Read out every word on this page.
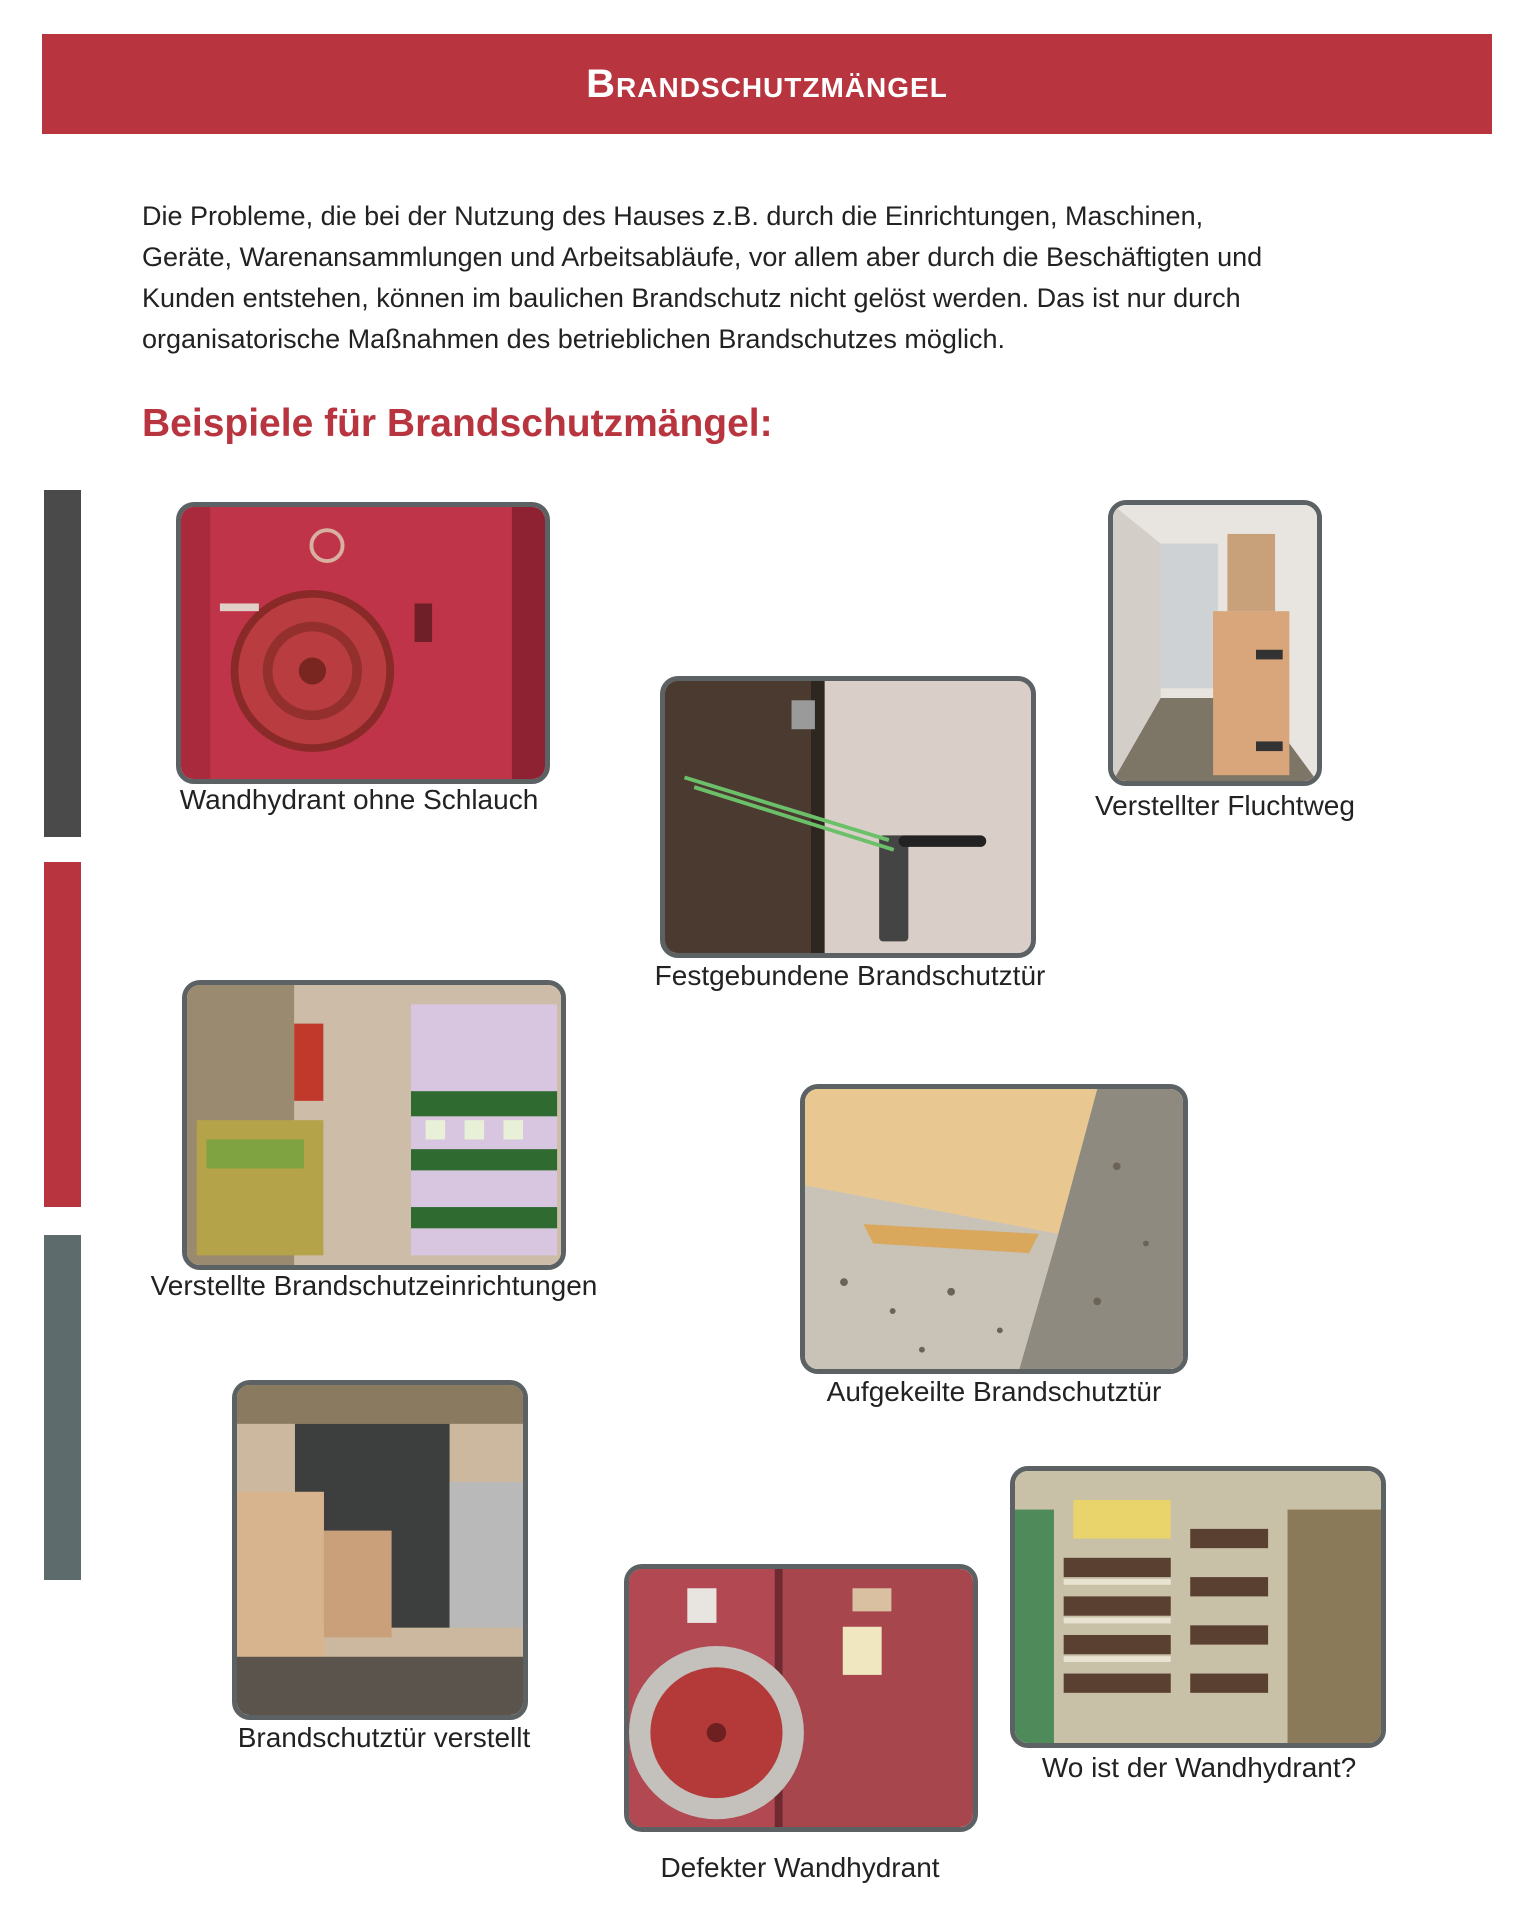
Brandschutzmängel

Die Probleme, die bei der Nutzung des Hauses z.B. durch die Einrichtungen, Maschinen,
Geräte, Warenansammlungen und Arbeitsabläufe, vor allem aber durch die Beschäftigten und
Kunden entstehen, können im baulichen Brandschutz nicht gelöst werden. Das ist nur durch
organisatorische Maßnahmen des betrieblichen Brandschutzes möglich.

Beispiele für Brandschutzmängel:
Wandhydrant ohne Schlauch
Festgebundene Brandschutztür
Verstellter Fluchtweg
Verstellte Brandschutzeinrichtungen
Aufgekeilte Brandschutztür
Brandschutztür verstellt
Defekter Wandhydrant
Wo ist der Wandhydrant?
